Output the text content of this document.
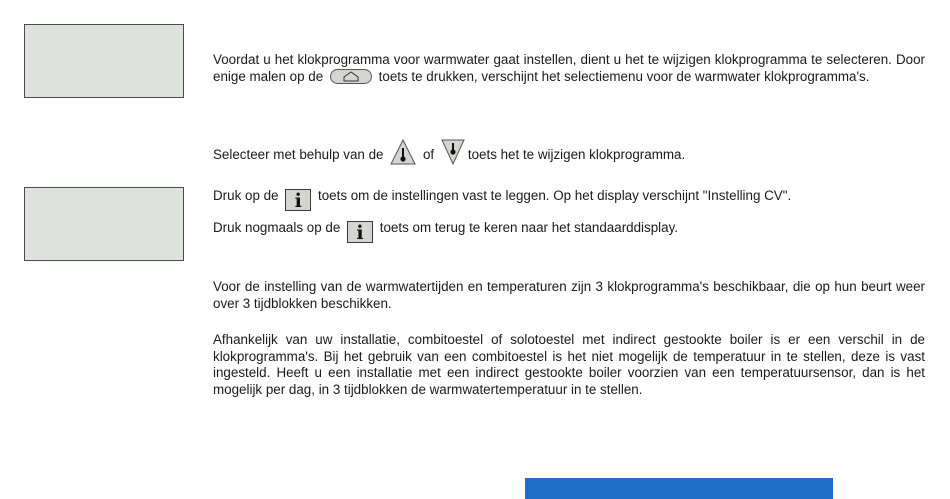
Voordat u het klokprogramma voor warmwater gaat instellen, dient u het te wijzigen klokprogramma te selecteren. Door enige malen op de	toets te drukken, verschijnt het selectiemenu voor de warmwater klokprogramma's.
Selecteer met behulp van de	of	toets het te wijzigen klokprogramma.
Druk op de i toets om de instellingen vast te leggen. Op het display verschijnt "Instelling CV".
Druk nogmaals op de i toets om terug te keren naar het standaarddisplay.
Voor de instelling van de warmwatertijden en temperaturen zijn 3 klokprogramma's beschikbaar, die op hun beurt weer over 3 tijdblokken beschikken.
Afhankelijk van uw installatie, combitoestel of solotoestel met indirect gestookte boiler is er een verschil in de klokprogramma's. Bij het gebruik van een combitoestel is het niet mogelijk de temperatuur in te stellen, deze is vast ingesteld. Heeft u een installatie met een indirect gestookte boiler voorzien van een temperatuursensor, dan is het mogelijk per dag, in 3 tijdblokken de warmwatertemperatuur in te stellen.
